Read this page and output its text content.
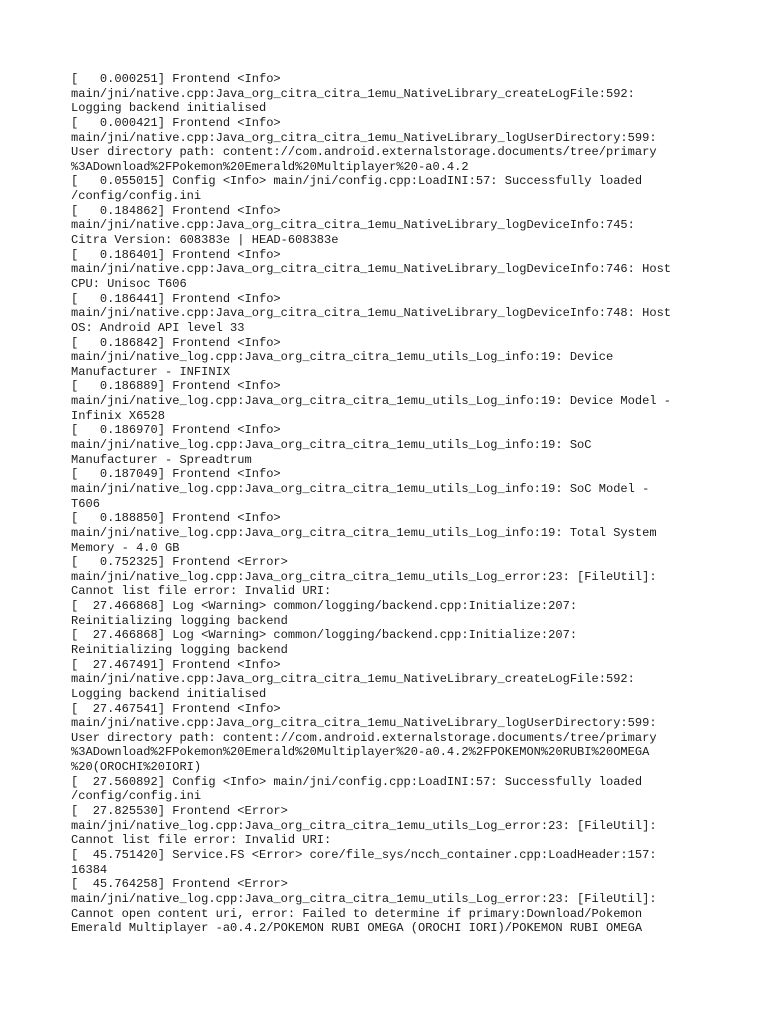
[   0.000251] Frontend <Info>
main/jni/native.cpp:Java_org_citra_citra_1emu_NativeLibrary_createLogFile:592:
Logging backend initialised
[   0.000421] Frontend <Info>
main/jni/native.cpp:Java_org_citra_citra_1emu_NativeLibrary_logUserDirectory:599:
User directory path: content://com.android.externalstorage.documents/tree/primary
%3ADownload%2FPokemon%20Emerald%20Multiplayer%20-a0.4.2
[   0.055015] Config <Info> main/jni/config.cpp:LoadINI:57: Successfully loaded
/config/config.ini
[   0.184862] Frontend <Info>
main/jni/native.cpp:Java_org_citra_citra_1emu_NativeLibrary_logDeviceInfo:745:
Citra Version: 608383e | HEAD-608383e
[   0.186401] Frontend <Info>
main/jni/native.cpp:Java_org_citra_citra_1emu_NativeLibrary_logDeviceInfo:746: Host
CPU: Unisoc T606
[   0.186441] Frontend <Info>
main/jni/native.cpp:Java_org_citra_citra_1emu_NativeLibrary_logDeviceInfo:748: Host
OS: Android API level 33
[   0.186842] Frontend <Info>
main/jni/native_log.cpp:Java_org_citra_citra_1emu_utils_Log_info:19: Device
Manufacturer - INFINIX
[   0.186889] Frontend <Info>
main/jni/native_log.cpp:Java_org_citra_citra_1emu_utils_Log_info:19: Device Model -
Infinix X6528
[   0.186970] Frontend <Info>
main/jni/native_log.cpp:Java_org_citra_citra_1emu_utils_Log_info:19: SoC
Manufacturer - Spreadtrum
[   0.187049] Frontend <Info>
main/jni/native_log.cpp:Java_org_citra_citra_1emu_utils_Log_info:19: SoC Model -
T606
[   0.188850] Frontend <Info>
main/jni/native_log.cpp:Java_org_citra_citra_1emu_utils_Log_info:19: Total System
Memory - 4.0 GB
[   0.752325] Frontend <Error>
main/jni/native_log.cpp:Java_org_citra_citra_1emu_utils_Log_error:23: [FileUtil]:
Cannot list file error: Invalid URI:
[  27.466868] Log <Warning> common/logging/backend.cpp:Initialize:207:
Reinitializing logging backend
[  27.466868] Log <Warning> common/logging/backend.cpp:Initialize:207:
Reinitializing logging backend
[  27.467491] Frontend <Info>
main/jni/native.cpp:Java_org_citra_citra_1emu_NativeLibrary_createLogFile:592:
Logging backend initialised
[  27.467541] Frontend <Info>
main/jni/native.cpp:Java_org_citra_citra_1emu_NativeLibrary_logUserDirectory:599:
User directory path: content://com.android.externalstorage.documents/tree/primary
%3ADownload%2FPokemon%20Emerald%20Multiplayer%20-a0.4.2%2FPOKEMON%20RUBI%20OMEGA
%20(OROCHI%20IORI)
[  27.560892] Config <Info> main/jni/config.cpp:LoadINI:57: Successfully loaded
/config/config.ini
[  27.825530] Frontend <Error>
main/jni/native_log.cpp:Java_org_citra_citra_1emu_utils_Log_error:23: [FileUtil]:
Cannot list file error: Invalid URI:
[  45.751420] Service.FS <Error> core/file_sys/ncch_container.cpp:LoadHeader:157:
16384
[  45.764258] Frontend <Error>
main/jni/native_log.cpp:Java_org_citra_citra_1emu_utils_Log_error:23: [FileUtil]:
Cannot open content uri, error: Failed to determine if primary:Download/Pokemon
Emerald Multiplayer -a0.4.2/POKEMON RUBI OMEGA (OROCHI IORI)/POKEMON RUBI OMEGA
